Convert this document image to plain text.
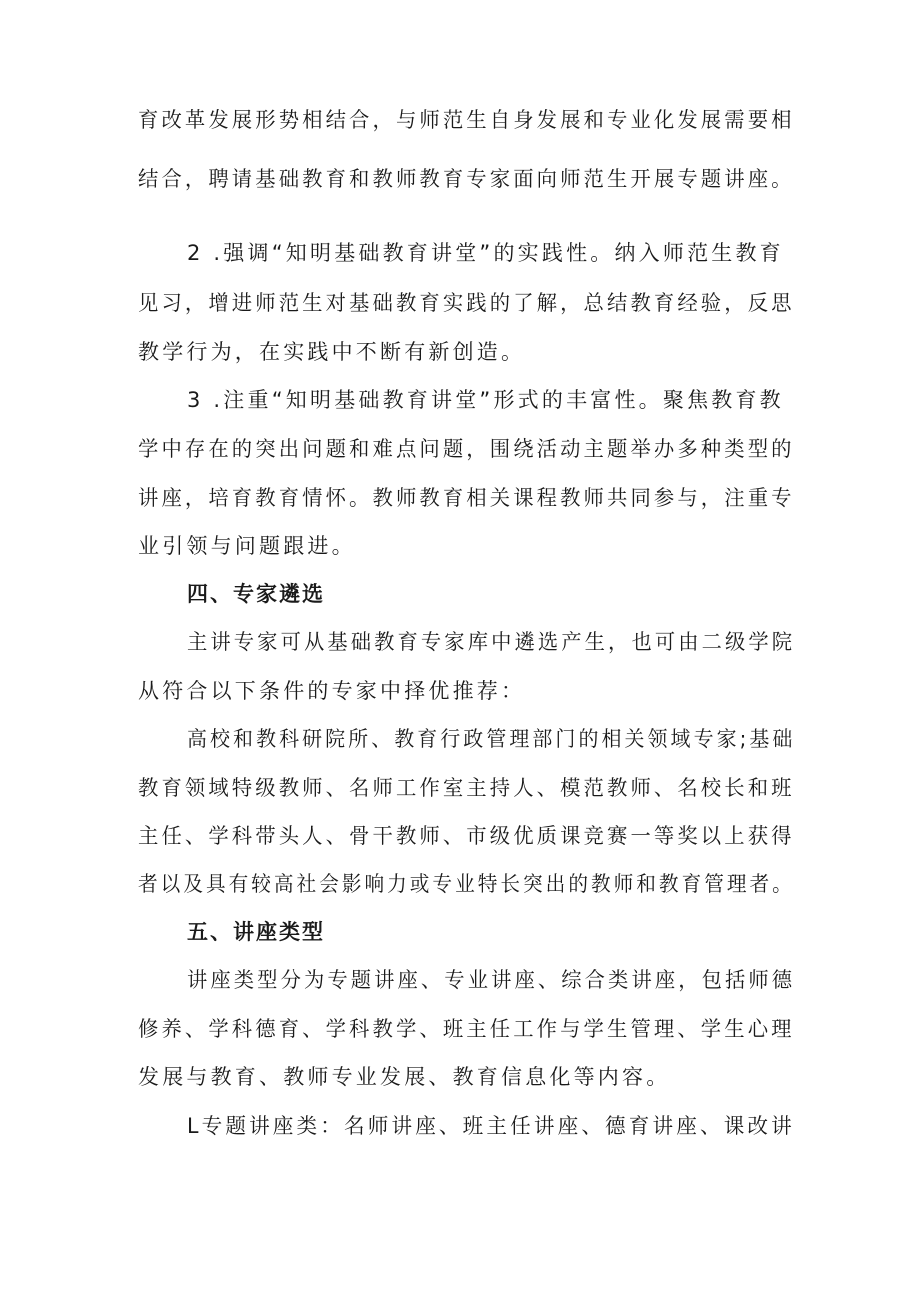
育改革发展形势相结合，与师范生自身发展和专业化发展需要相
结合，聘请基础教育和教师教育专家面向师范生开展专题讲座。
2 .强调“知明基础教育讲堂”的实践性。纳入师范生教育
见习，增进师范生对基础教育实践的了解，总结教育经验，反思
教学行为，在实践中不断有新创造。
3 .注重“知明基础教育讲堂”形式的丰富性。聚焦教育教
学中存在的突出问题和难点问题，围绕活动主题举办多种类型的
讲座，培育教育情怀。教师教育相关课程教师共同参与，注重专
业引领与问题跟进。
四、专家遴选
主讲专家可从基础教育专家库中遴选产生，也可由二级学院
从符合以下条件的专家中择优推荐：
高校和教科研院所、教育行政管理部门的相关领域专家;基础
教育领域特级教师、名师工作室主持人、模范教师、名校长和班
主任、学科带头人、骨干教师、市级优质课竞赛一等奖以上获得
者以及具有较高社会影响力或专业特长突出的教师和教育管理者。
五、讲座类型
讲座类型分为专题讲座、专业讲座、综合类讲座，包括师德
修养、学科德育、学科教学、班主任工作与学生管理、学生心理
发展与教育、教师专业发展、教育信息化等内容。
L专题讲座类：名师讲座、班主任讲座、德育讲座、课改讲
